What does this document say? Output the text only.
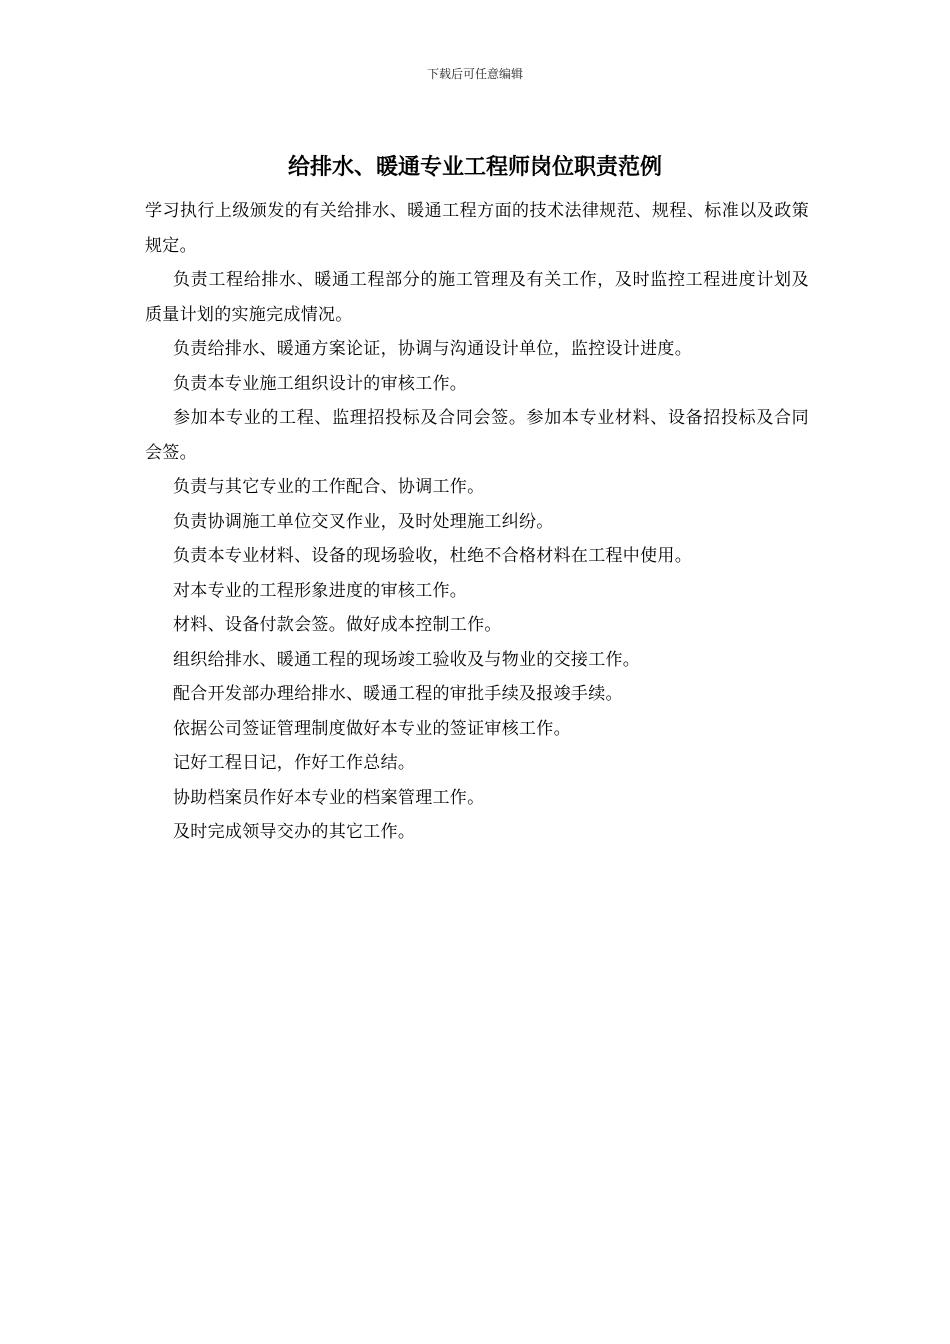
下载后可任意编辑
给排水、暖通专业工程师岗位职责范例

学习执行上级颁发的有关给排水、暖通工程方面的技术法律规范、规程、标准以及政策规定。

负责工程给排水、暖通工程部分的施工管理及有关工作，及时监控工程进度计划及质量计划的实施完成情况。

负责给排水、暖通方案论证，协调与沟通设计单位，监控设计进度。

负责本专业施工组织设计的审核工作。

参加本专业的工程、监理招投标及合同会签。参加本专业材料、设备招投标及合同会签。

负责与其它专业的工作配合、协调工作。

负责协调施工单位交叉作业，及时处理施工纠纷。

负责本专业材料、设备的现场验收，杜绝不合格材料在工程中使用。

对本专业的工程形象进度的审核工作。

材料、设备付款会签。做好成本控制工作。

组织给排水、暖通工程的现场竣工验收及与物业的交接工作。

配合开发部办理给排水、暖通工程的审批手续及报竣手续。

依据公司签证管理制度做好本专业的签证审核工作。

记好工程日记，作好工作总结。

协助档案员作好本专业的档案管理工作。

及时完成领导交办的其它工作。
